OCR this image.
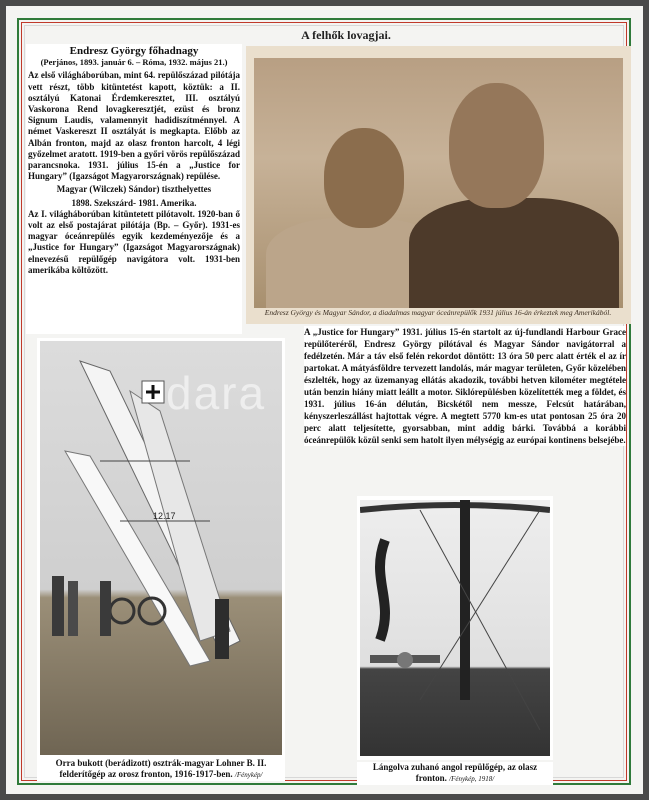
A felhők lovagjai.
Endresz György főhadnagy
(Perjános, 1893. január 6. – Róma, 1932. május 21.)

Az első világháborúban, mint 64. repülőszázad pilótája vett részt, több kitüntetést kapott, köztük: a II. osztályú Katonai Érdemkeresztet, III. osztályú Vaskorona Rend lovagkeresztjét, ezüst és bronz Signum Laudis, valamennyit hadidiszítménnyel. A német Vaskereszt II osztályát is megkapta. Előbb az Albán fronton, majd az olasz fronton harcolt, 4 légi győzelmet aratott. 1919-ben a győri vörös repülőszázad parancsnoka. 1931. július 15-én a „Justice for Hungary” (Igazságot Magyarországnak) repülése.

Magyar (Wilczek) Sándor) tiszthelyettes
1898. Szekszárd- 1981. Amerika.

Az I. világháborúban kitüntetett pilótavolt. 1920-ban ő volt az első postajárat pilótája (Bp. – Győr). 1931-es magyar óceánrepülés egyik kezdeményezője és a „Justice for Hungary” (Igazságot Magyarországnak) elnevezésű repülőgép navigátora volt. 1931-ben amerikába költözött.

Endresz György és Magyar Sándor, a diadalmas magyar óceánrepülők 1931 július 16-án érkeztek meg Amerikából.
A „Justice for Hungary” 1931. július 15-én startolt az új-fundlandi Harbour Grace repülőteréről, Endresz György pilótával és Magyar Sándor navigátorral a fedélzetén. Már a táv első felén rekordot döntött: 13 óra 50 perc alatt érték el az ír partokat. A mátyásföldre tervezett landolás, már magyar területen, Győr közelében észlelték, hogy az üzemanyag ellátás akadozik, további hetven kilométer megtétele után benzin hiány miatt leállt a motor. Siklórepülésben közelítették meg a földet, és 1931. július 16-án délután, Bicskétől nem messze, Felcsút határában, kényszerleszállást hajtottak végre. A megtett 5770 km-es utat pontosan 25 óra 20 perc alatt teljesítette, gyorsabban, mint addig bárki. Továbbá a korábbi óceánrepülők közül senki sem hatolt ilyen mélységig az európai kontinens belsejébe.
12.17
Orra bukott (berádizott) osztrák-magyar Lohner B. II. felderítőgép az orosz fronton, 1916-1917-ben. /Fénykép/
Lángolva zuhanó angol repülőgép, az olasz fronton. /Fénykép, 1918/
dara
